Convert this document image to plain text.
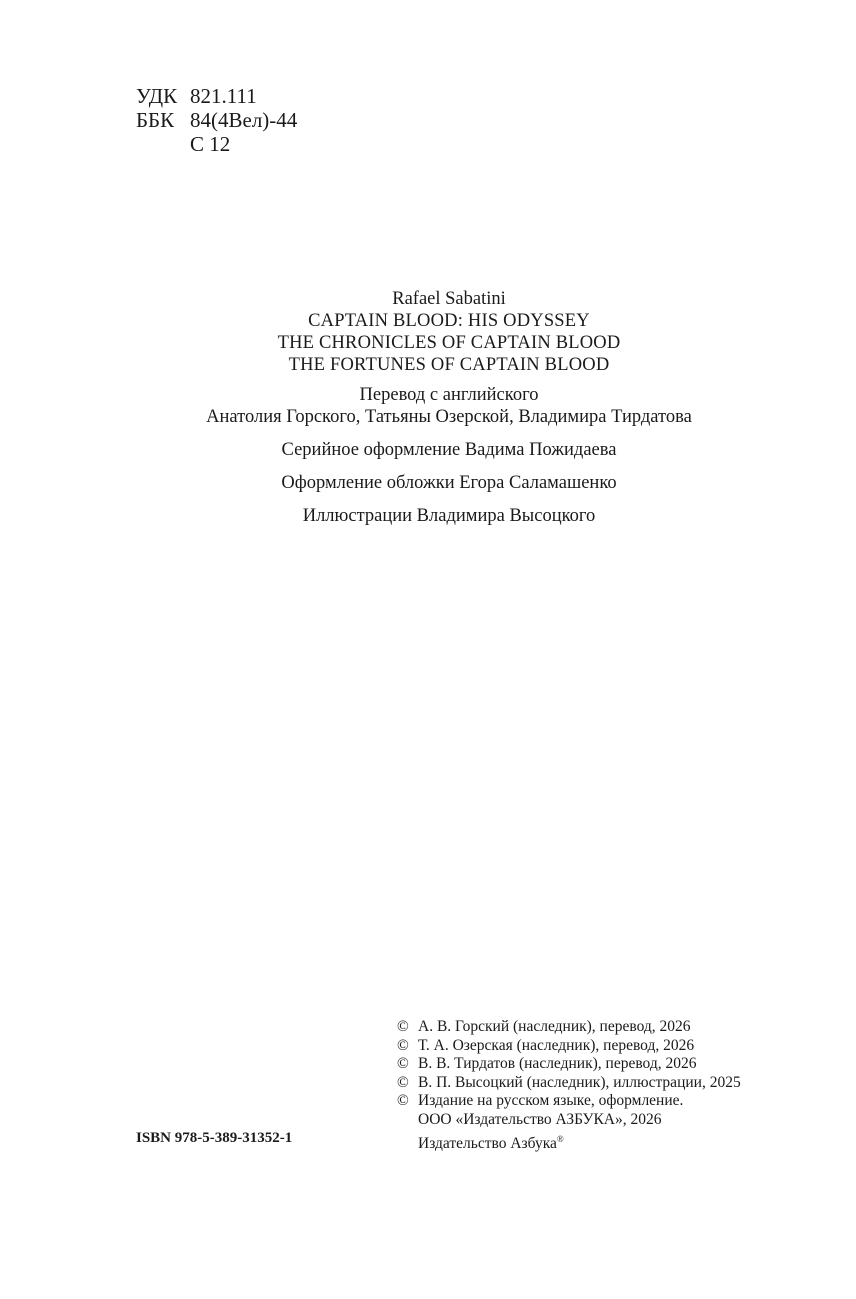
УДК 821.111
ББК 84(4Вел)-44
С 12
Rafael Sabatini
CAPTAIN BLOOD: HIS ODYSSEY
THE CHRONICLES OF CAPTAIN BLOOD
THE FORTUNES OF CAPTAIN BLOOD

Перевод с английского

Анатолия Горского, Татьяны Озерской, Владимира Тирдатова

Серийное оформление Вадима Пожидаева

Оформление обложки Егора Саламашенко

Иллюстрации Владимира Высоцкого

© А. В. Горский (наследник), перевод, 2026
© Т. А. Озерская (наследник), перевод, 2026
© В. В. Тирдатов (наследник), перевод, 2026
© В. П. Высоцкий (наследник), иллюстрации, 2025
© Издание на русском языке, оформление.
ООО «Издательство АЗБУКА», 2026
Издательство Азбука®
ISBN 978-5-389-31352-1
